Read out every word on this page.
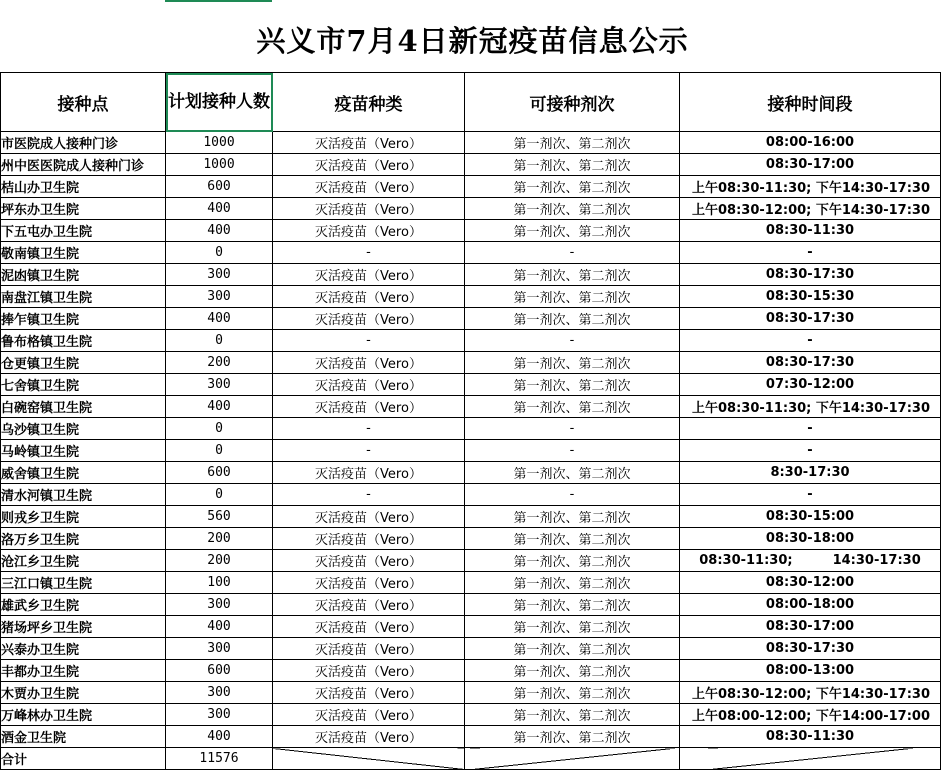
兴义市7月4日新冠疫苗信息公示
接种点	计划接种人数	疫苗种类	可接种剂次	接种时间段
市医院成人接种门诊	1000	灭活疫苗（Vero）	第一剂次、第二剂次	08:00-16:00
州中医医院成人接种门诊	1000	灭活疫苗（Vero）	第一剂次、第二剂次	08:30-17:00
桔山办卫生院	600	灭活疫苗（Vero）	第一剂次、第二剂次	上午08:30-11:30; 下午14:30-17:30

坪东办卫生院	400	灭活疫苗（Vero）	第一剂次、第二剂次	上午08:30-12:00; 下午14:30-17:30

下五屯办卫生院	400	灭活疫苗（Vero）	第一剂次、第二剂次	08:30-11:30
敬南镇卫生院	0	-	-	-
泥凼镇卫生院	300	灭活疫苗（Vero）	第一剂次、第二剂次	08:30-17:30
南盘江镇卫生院	300	灭活疫苗（Vero）	第一剂次、第二剂次	08:30-15:30
捧乍镇卫生院	400	灭活疫苗（Vero）	第一剂次、第二剂次	08:30-17:30
鲁布格镇卫生院	0	-	-	-
仓更镇卫生院	200	灭活疫苗（Vero）	第一剂次、第二剂次	08:30-17:30
七舍镇卫生院	300	灭活疫苗（Vero）	第一剂次、第二剂次	07:30-12:00
白碗窑镇卫生院	400	灭活疫苗（Vero）	第一剂次、第二剂次	上午08:30-11:30; 下午14:30-17:30

乌沙镇卫生院	0	-	-	-
马岭镇卫生院	0	-	-	-
威舍镇卫生院	600	灭活疫苗（Vero）	第一剂次、第二剂次	8:30-17:30
清水河镇卫生院	0	-	-	-
则戎乡卫生院	560	灭活疫苗（Vero）	第一剂次、第二剂次	08:30-15:00
洛万乡卫生院	200	灭活疫苗（Vero）	第一剂次、第二剂次	08:30-18:00
沧江乡卫生院	200	灭活疫苗（Vero）	第一剂次、第二剂次	08:30-11:30; 14:30-17:30

三江口镇卫生院	100	灭活疫苗（Vero）	第一剂次、第二剂次	08:30-12:00
雄武乡卫生院	300	灭活疫苗（Vero）	第一剂次、第二剂次	08:00-18:00
猪场坪乡卫生院	400	灭活疫苗（Vero）	第一剂次、第二剂次	08:30-17:00
兴泰办卫生院	300	灭活疫苗（Vero）	第一剂次、第二剂次	08:30-17:30
丰都办卫生院	600	灭活疫苗（Vero）	第一剂次、第二剂次	08:00-13:00
木贾办卫生院	300	灭活疫苗（Vero）	第一剂次、第二剂次	上午08:30-12:00; 下午14:30-17:30

万峰林办卫生院	300	灭活疫苗（Vero）	第一剂次、第二剂次	上午08:00-12:00; 下午14:00-17:00

酒金卫生院	400	灭活疫苗（Vero）	第一剂次、第二剂次	08:30-11:30
合计	11576			
